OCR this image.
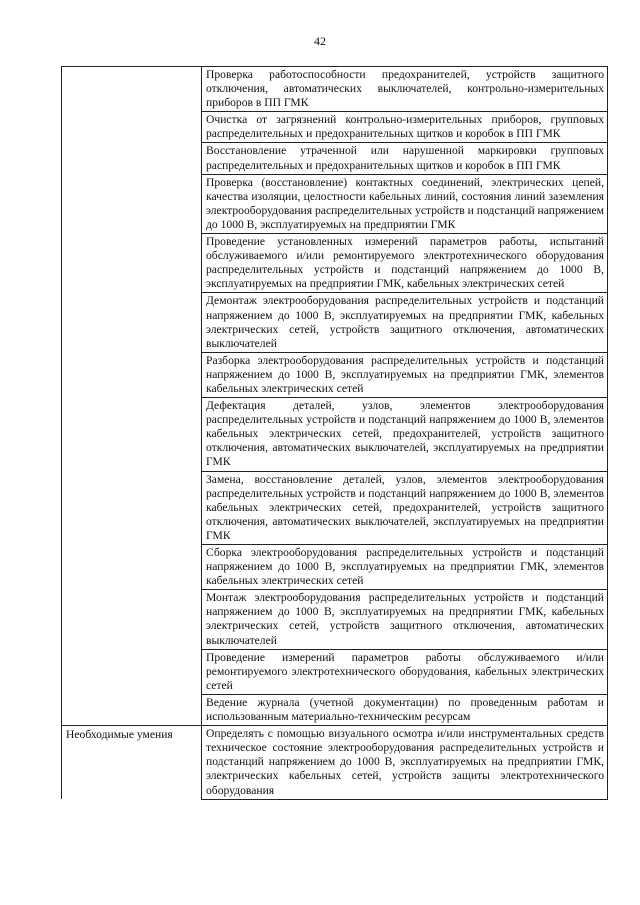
42
	Проверка работоспособности предохранителей, устройств защитного отключения, автоматических выключателей, контрольно-измерительных приборов в ПП ГМК
	Очистка от загрязнений контрольно-измерительных приборов, групповых распределительных и предохранительных щитков и коробок в ПП ГМК
	Восстановление утраченной или нарушенной маркировки групповых распределительных и предохранительных щитков и коробок в ПП ГМК
	Проверка (восстановление) контактных соединений, электрических цепей, качества изоляции, целостности кабельных линий, состояния линий заземления электрооборудования распределительных устройств и подстанций напряжением до 1000 В, эксплуатируемых на предприятии ГМК
	Проведение установленных измерений параметров работы, испытаний обслуживаемого и/или ремонтируемого электротехнического оборудования распределительных устройств и подстанций напряжением до 1000 В, эксплуатируемых на предприятии ГМК, кабельных электрических сетей
	Демонтаж электрооборудования распределительных устройств и подстанций напряжением до 1000 В, эксплуатируемых на предприятии ГМК, кабельных электрических сетей, устройств защитного отключения, автоматических выключателей
	Разборка электрооборудования распределительных устройств и подстанций напряжением до 1000 В, эксплуатируемых на предприятии ГМК, элементов кабельных электрических сетей
	Дефектация деталей, узлов, элементов электрооборудования распределительных устройств и подстанций напряжением до 1000 В, элементов кабельных электрических сетей, предохранителей, устройств защитного отключения, автоматических выключателей, эксплуатируемых на предприятии ГМК
	Замена, восстановление деталей, узлов, элементов электрооборудования распределительных устройств и подстанций напряжением до 1000 В, элементов кабельных электрических сетей, предохранителей, устройств защитного отключения, автоматических выключателей, эксплуатируемых на предприятии ГМК
	Сборка электрооборудования распределительных устройств и подстанций напряжением до 1000 В, эксплуатируемых на предприятии ГМК, элементов кабельных электрических сетей
	Монтаж электрооборудования распределительных устройств и подстанций напряжением до 1000 В, эксплуатируемых на предприятии ГМК, кабельных электрических сетей, устройств защитного отключения, автоматических выключателей
	Проведение измерений параметров работы обслуживаемого и/или ремонтируемого электротехнического оборудования, кабельных электрических сетей
	Ведение журнала (учетной документации) по проведенным работам и использованным материально-техническим ресурсам
Необходимые умения	Определять с помощью визуального осмотра и/или инструментальных средств техническое состояние электрооборудования распределительных устройств и подстанций напряжением до 1000 В, эксплуатируемых на предприятии ГМК, электрических кабельных сетей, устройств защиты электротехнического оборудования
